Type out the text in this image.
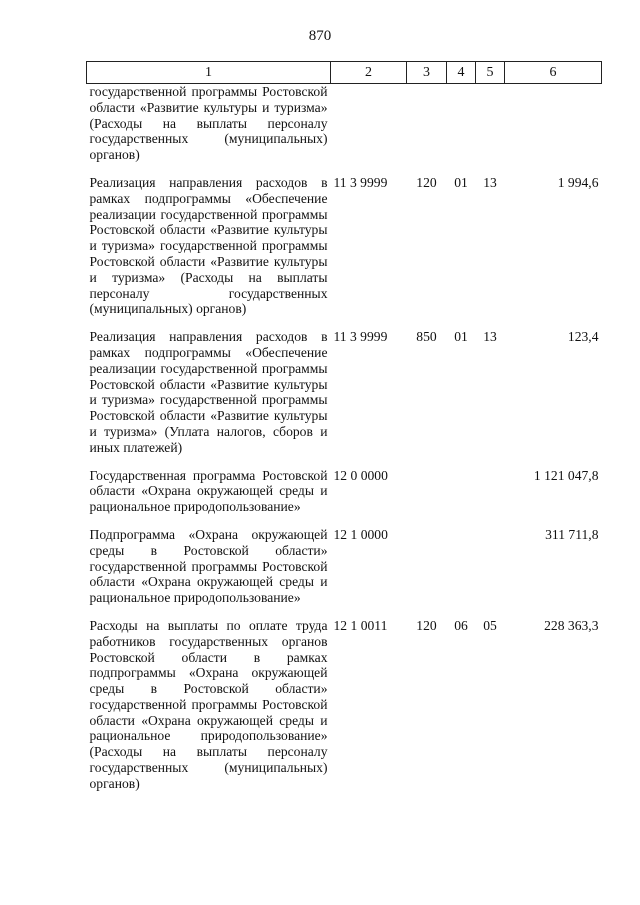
870
1	2	3	4	5	6
государственной программы Ростовской области «Развитие культуры и туризма» (Расходы на выплаты персоналу государственных (муниципальных) органов)					
Реализация направления расходов в рамках подпрограммы «Обеспечение реализации государственной программы Ростовской области «Развитие культуры и туризма» государственной программы Ростовской области «Развитие культуры и туризма» (Расходы на выплаты персоналу государственных (муниципальных) органов)	11 3 9999	120	01	13	1 994,6
Реализация направления расходов в рамках подпрограммы «Обеспечение реализации государственной программы Ростовской области «Развитие культуры и туризма» государственной программы Ростовской области «Развитие культуры и туризма» (Уплата налогов, сборов и иных платежей)	11 3 9999	850	01	13	123,4
Государственная программа Ростовской области «Охрана окружающей среды и рациональное природопользование»	12 0 0000				1 121 047,8
Подпрограмма «Охрана окружающей среды в Ростовской области» государственной программы Ростовской области «Охрана окружающей среды и рациональное природопользование»	12 1 0000				311 711,8
Расходы на выплаты по оплате труда работников государственных органов Ростовской области в рамках подпрограммы «Охрана окружающей среды в Ростовской области» государственной программы Ростовской области «Охрана окружающей среды и рациональное природопользование» (Расходы на выплаты персоналу государственных (муниципальных) органов)	12 1 0011	120	06	05	228 363,3
